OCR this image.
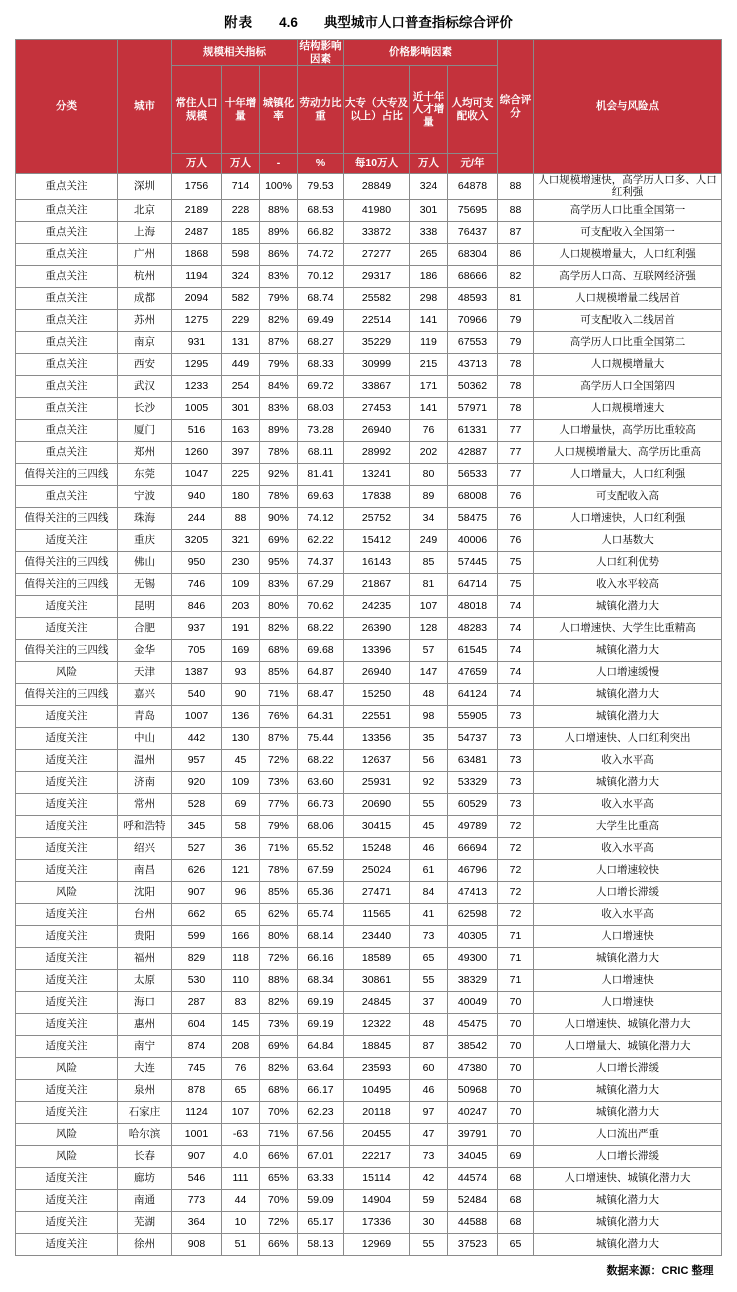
附表 4.6 典型城市人口普查指标综合评价
分类	城市	规模相关指标			结构影响因素	价格影响因素			综合评分	机会与风险点
		常住人口规模	十年增量	城镇化率	劳动力比重	大专（大专及以上）占比	近十年人才增量	人均可支配收入		
		万人	万人	-	%	每10万人	万人	元/年		
重点关注	深圳	1756	714	100%	79.53	28849	324	64878	88	人口规模增速快，高学历人口多、人口红利强
重点关注	北京	2189	228	88%	68.53	41980	301	75695	88	高学历人口比重全国第一
重点关注	上海	2487	185	89%	66.82	33872	338	76437	87	可支配收入全国第一
重点关注	广州	1868	598	86%	74.72	27277	265	68304	86	人口规模增量大，人口红利强
重点关注	杭州	1194	324	83%	70.12	29317	186	68666	82	高学历人口高、互联网经济强
重点关注	成都	2094	582	79%	68.74	25582	298	48593	81	人口规模增量二线居首
重点关注	苏州	1275	229	82%	69.49	22514	141	70966	79	可支配收入二线居首
重点关注	南京	931	131	87%	68.27	35229	119	67553	79	高学历人口比重全国第二
重点关注	西安	1295	449	79%	68.33	30999	215	43713	78	人口规模增量大
重点关注	武汉	1233	254	84%	69.72	33867	171	50362	78	高学历人口全国第四
重点关注	长沙	1005	301	83%	68.03	27453	141	57971	78	人口规模增速大
重点关注	厦门	516	163	89%	73.28	26940	76	61331	77	人口增量快，高学历比重较高
重点关注	郑州	1260	397	78%	68.11	28992	202	42887	77	人口规模增量大、高学历比重高
值得关注的三四线	东莞	1047	225	92%	81.41	13241	80	56533	77	人口增量大，人口红利强
重点关注	宁波	940	180	78%	69.63	17838	89	68008	76	可支配收入高
值得关注的三四线	珠海	244	88	90%	74.12	25752	34	58475	76	人口增速快，人口红利强
适度关注	重庆	3205	321	69%	62.22	15412	249	40006	76	人口基数大
值得关注的三四线	佛山	950	230	95%	74.37	16143	85	57445	75	人口红利优势
值得关注的三四线	无锡	746	109	83%	67.29	21867	81	64714	75	收入水平较高
适度关注	昆明	846	203	80%	70.62	24235	107	48018	74	城镇化潜力大
适度关注	合肥	937	191	82%	68.22	26390	128	48283	74	人口增速快、大学生比重精高
值得关注的三四线	金华	705	169	68%	69.68	13396	57	61545	74	城镇化潜力大
风险	天津	1387	93	85%	64.87	26940	147	47659	74	人口增速缓慢
值得关注的三四线	嘉兴	540	90	71%	68.47	15250	48	64124	74	城镇化潜力大
适度关注	青岛	1007	136	76%	64.31	22551	98	55905	73	城镇化潜力大
适度关注	中山	442	130	87%	75.44	13356	35	54737	73	人口增速快、人口红利突出
适度关注	温州	957	45	72%	68.22	12637	56	63481	73	收入水平高
适度关注	济南	920	109	73%	63.60	25931	92	53329	73	城镇化潜力大
适度关注	常州	528	69	77%	66.73	20690	55	60529	73	收入水平高
适度关注	呼和浩特	345	58	79%	68.06	30415	45	49789	72	大学生比重高
适度关注	绍兴	527	36	71%	65.52	15248	46	66694	72	收入水平高
适度关注	南昌	626	121	78%	67.59	25024	61	46796	72	人口增速较快
风险	沈阳	907	96	85%	65.36	27471	84	47413	72	人口增长滞缓
适度关注	台州	662	65	62%	65.74	11565	41	62598	72	收入水平高
适度关注	贵阳	599	166	80%	68.14	23440	73	40305	71	人口增速快
适度关注	福州	829	118	72%	66.16	18589	65	49300	71	城镇化潜力大
适度关注	太原	530	110	88%	68.34	30861	55	38329	71	人口增速快
适度关注	海口	287	83	82%	69.19	24845	37	40049	70	人口增速快
适度关注	惠州	604	145	73%	69.19	12322	48	45475	70	人口增速快、城镇化潜力大
适度关注	南宁	874	208	69%	64.84	18845	87	38542	70	人口增量大、城镇化潜力大
风险	大连	745	76	82%	63.64	23593	60	47380	70	人口增长滞缓
适度关注	泉州	878	65	68%	66.17	10495	46	50968	70	城镇化潜力大
适度关注	石家庄	1124	107	70%	62.23	20118	97	40247	70	城镇化潜力大
风险	哈尔滨	1001	-63	71%	67.56	20455	47	39791	70	人口流出严重
风险	长春	907	4.0	66%	67.01	22217	73	34045	69	人口增长滞缓
适度关注	廊坊	546	111	65%	63.33	15114	42	44574	68	人口增速快、城镇化潜力大
适度关注	南通	773	44	70%	59.09	14904	59	52484	68	城镇化潜力大
适度关注	芜湖	364	10	72%	65.17	17336	30	44588	68	城镇化潜力大
适度关注	徐州	908	51	66%	58.13	12969	55	37523	65	城镇化潜力大
数据来源：CRIC 整理
